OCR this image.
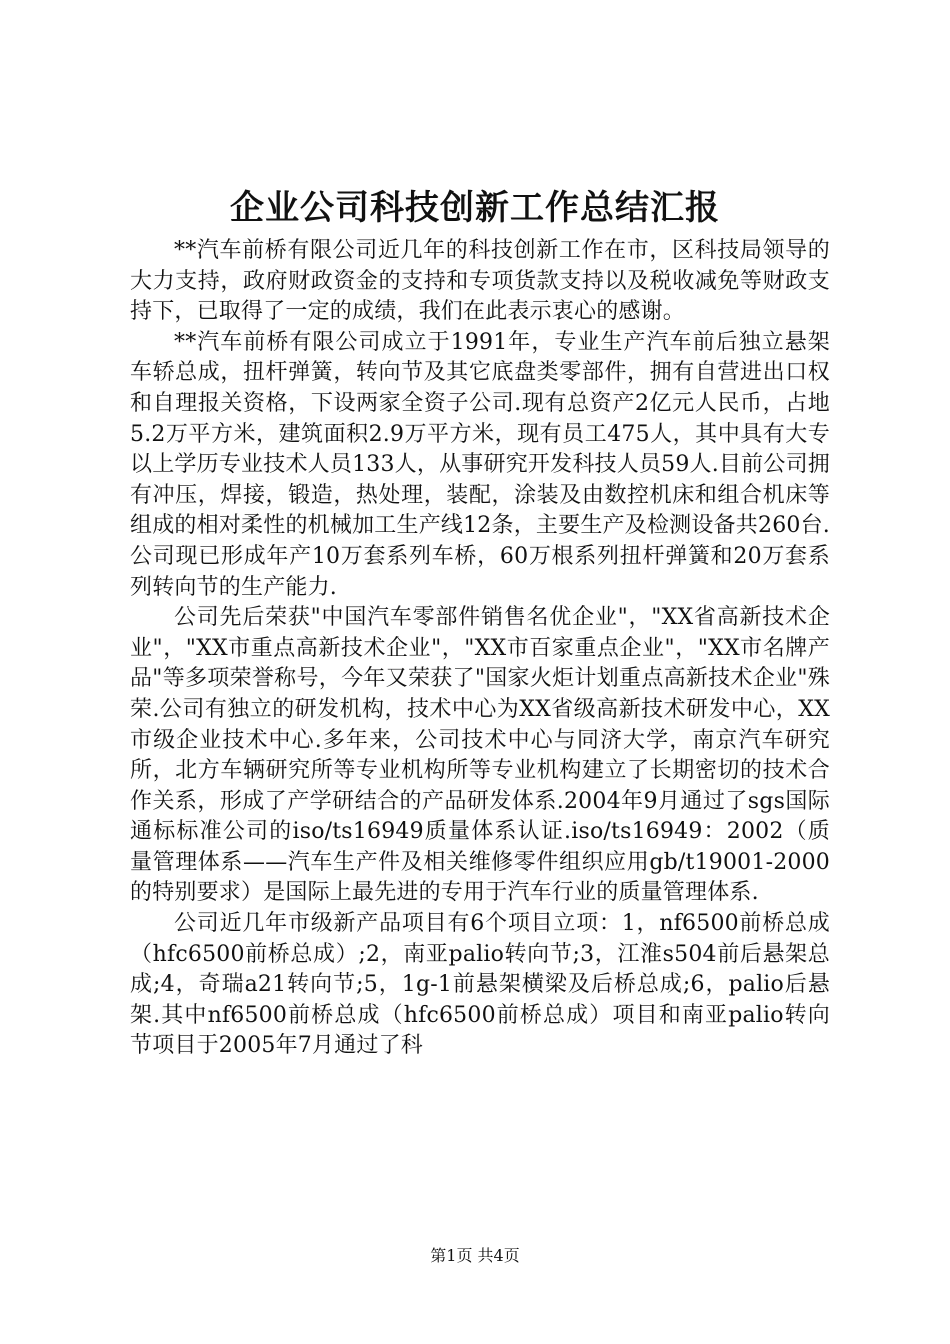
企业公司科技创新工作总结汇报

**汽车前桥有限公司近几年的科技创新工作在市，区科技局领导的大力支持，政府财政资金的支持和专项货款支持以及税收减免等财政支持下，已取得了一定的成绩，我们在此表示衷心的感谢。

**汽车前桥有限公司成立于1991年，专业生产汽车前后独立悬架车轿总成，扭杆弹簧，转向节及其它底盘类零部件，拥有自营进出口权和自理报关资格，下设两家全资子公司.现有总资产2亿元人民币，占地5.2万平方米，建筑面积2.9万平方米，现有员工475人，其中具有大专以上学历专业技术人员133人，从事研究开发科技人员59人.目前公司拥有冲压，焊接，锻造，热处理，装配，涂装及由数控机床和组合机床等组成的相对柔性的机械加工生产线12条，主要生产及检测设备共260台.公司现已形成年产10万套系列车桥，60万根系列扭杆弹簧和20万套系列转向节的生产能力.

公司先后荣获"中国汽车零部件销售名优企业"，"XX省高新技术企业"，"XX市重点高新技术企业"，"XX市百家重点企业"，"XX市名牌产品"等多项荣誉称号，今年又荣获了"国家火炬计划重点高新技术企业"殊荣.公司有独立的研发机构，技术中心为XX省级高新技术研发中心，XX市级企业技术中心.多年来，公司技术中心与同济大学，南京汽车研究所，北方车辆研究所等专业机构所等专业机构建立了长期密切的技术合作关系，形成了产学研结合的产品研发体系.2004年9月通过了sgs国际通标标准公司的iso/ts16949质量体系认证.iso/ts16949：2002（质量管理体系——汽车生产件及相关维修零件组织应用gb/t19001-2000的特别要求）是国际上最先进的专用于汽车行业的质量管理体系.

公司近几年市级新产品项目有6个项目立项：1，nf6500前桥总成（hfc6500前桥总成）;2，南亚palio转向节;3，江淮s504前后悬架总成;4，奇瑞a21转向节;5，1g-1前悬架横梁及后桥总成;6，palio后悬架.其中nf6500前桥总成（hfc6500前桥总成）项目和南亚palio转向节项目于2005年7月通过了科

第1页 共4页
